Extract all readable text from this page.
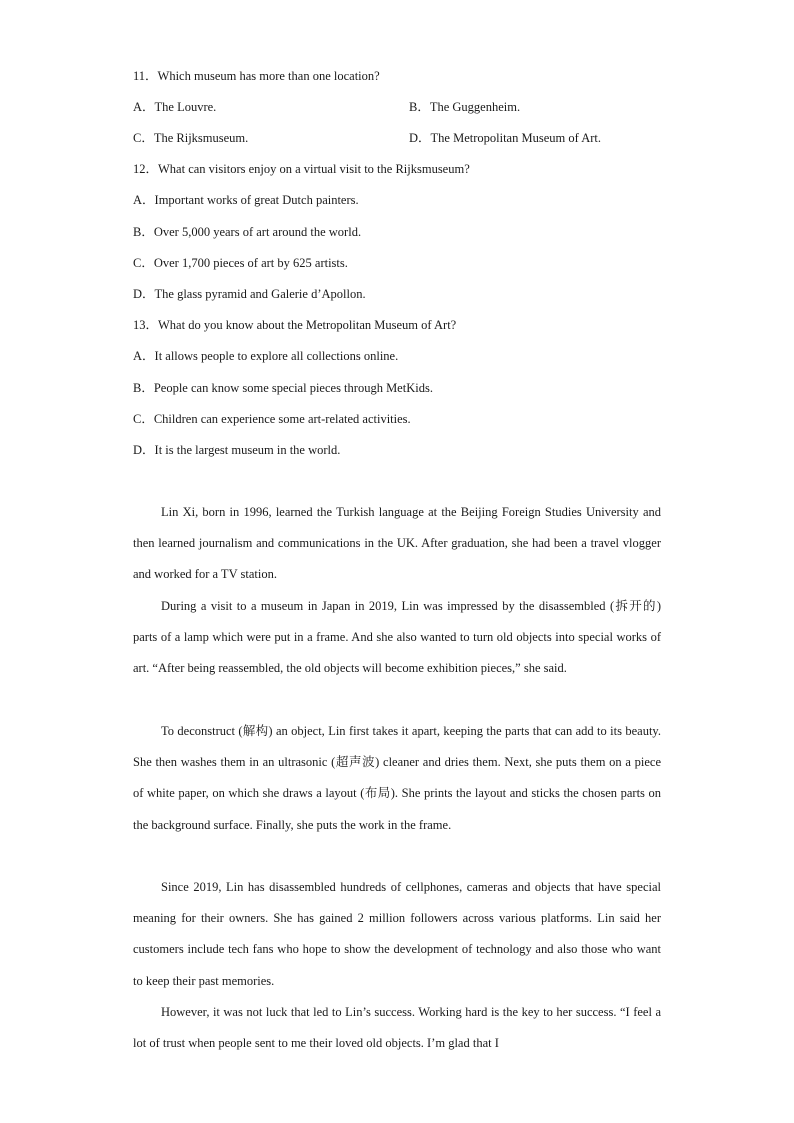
11．Which museum has more than one location?
A．The Louvre.	B．The Guggenheim.
C．The Rijksmuseum.	D．The Metropolitan Museum of Art.
12．What can visitors enjoy on a virtual visit to the Rijksmuseum?
A．Important works of great Dutch painters.
B．Over 5,000 years of art around the world.
C．Over 1,700 pieces of art by 625 artists.
D．The glass pyramid and Galerie d’Apollon.
13．What do you know about the Metropolitan Museum of Art?
A．It allows people to explore all collections online.
B．People can know some special pieces through MetKids.
C．Children can experience some art-related activities.
D．It is the largest museum in the world.

Lin Xi, born in 1996, learned the Turkish language at the Beijing Foreign Studies University and then learned journalism and communications in the UK. After graduation, she had been a travel vlogger and worked for a TV station.

During a visit to a museum in Japan in 2019, Lin was impressed by the disassembled (拆开的) parts of a lamp which were put in a frame. And she also wanted to turn old objects into special works of art. “After being reassembled, the old objects will become exhibition pieces,” she said.

To deconstruct (解构) an object, Lin first takes it apart, keeping the parts that can add to its beauty. She then washes them in an ultrasonic (超声波) cleaner and dries them. Next, she puts them on a piece of white paper, on which she draws a layout (布局). She prints the layout and sticks the chosen parts on the background surface. Finally, she puts the work in the frame.

Since 2019, Lin has disassembled hundreds of cellphones, cameras and objects that have special meaning for their owners. She has gained 2 million followers across various platforms. Lin said her customers include tech fans who hope to show the development of technology and also those who want to keep their past memories.

However, it was not luck that led to Lin’s success. Working hard is the key to her success. “I feel a lot of trust when people sent to me their loved old objects. I’m glad that I
